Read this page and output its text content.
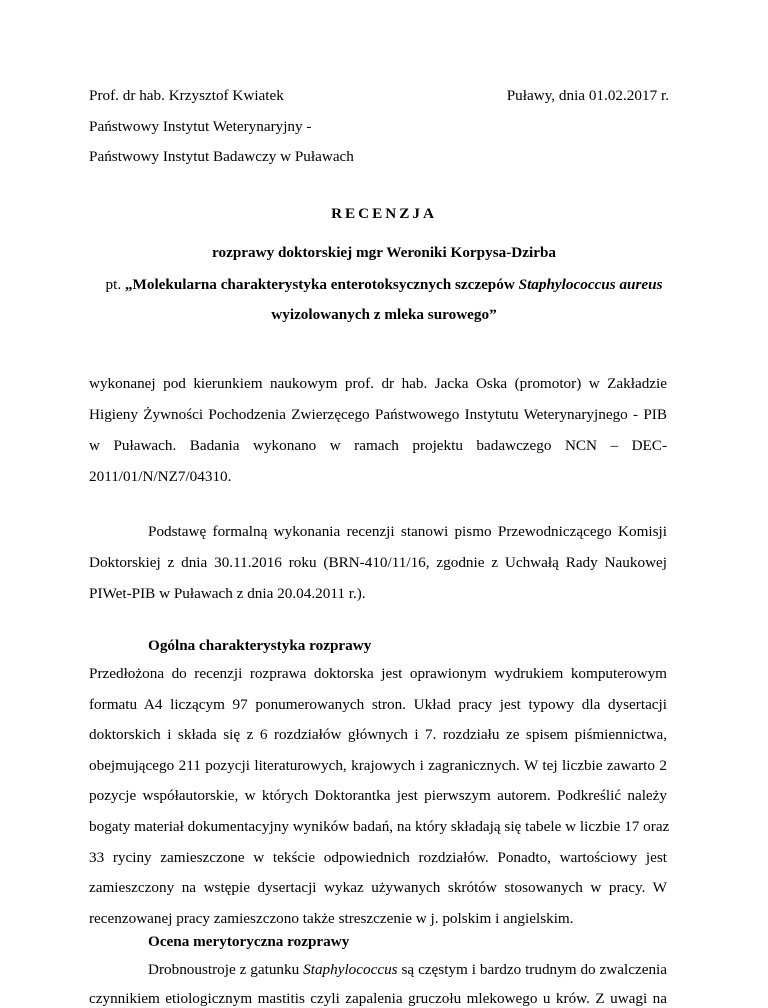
Prof. dr hab. Krzysztof Kwiatek	Puławy, dnia 01.02.2017 r.
Państwowy Instytut Weterynaryjny -
Państwowy Instytut Badawczy w Puławach
RECENZJA
rozprawy doktorskiej mgr Weroniki Korpysa-Dzirba
pt. „Molekularna charakterystyka enterotoksycznych szczepów Staphylococcus aureus
wyizolowanych z mleka surowego”
wykonanej pod kierunkiem naukowym prof. dr hab. Jacka Oska (promotor) w Zakładzie
Higieny Żywności Pochodzenia Zwierzęcego Państwowego Instytutu Weterynaryjnego - PIB
w Puławach. Badania wykonano w ramach projektu badawczego NCN – DEC-
2011/01/N/NZ7/04310.
Podstawę formalną wykonania recenzji stanowi pismo Przewodniczącego Komisji
Doktorskiej z dnia 30.11.2016 roku (BRN-410/11/16, zgodnie z Uchwałą Rady Naukowej
PIWet-PIB w Puławach z dnia 20.04.2011 r.).
Ogólna charakterystyka rozprawy
Przedłożona do recenzji rozprawa doktorska jest oprawionym wydrukiem komputerowym
formatu A4 liczącym 97 ponumerowanych stron. Układ pracy jest typowy dla dysertacji
doktorskich i składa się z 6 rozdziałów głównych i 7. rozdziału ze spisem piśmiennictwa,
obejmującego 211 pozycji literaturowych, krajowych i zagranicznych. W tej liczbie zawarto 2
pozycje współautorskie, w których Doktorantka jest pierwszym autorem. Podkreślić należy
bogaty materiał dokumentacyjny wyników badań, na który składają się tabele w liczbie 17 oraz
33 ryciny zamieszczone w tekście odpowiednich rozdziałów. Ponadto, wartościowy jest
zamieszczony na wstępie dysertacji wykaz używanych skrótów stosowanych w pracy. W
recenzowanej pracy zamieszczono także streszczenie w j. polskim i angielskim.
Ocena merytoryczna rozprawy
Drobnoustroje z gatunku Staphylococcus są częstym i bardzo trudnym do zwalczenia
czynnikiem etiologicznym mastitis czyli zapalenia gruczołu mlekowego u krów. Z uwagi na
